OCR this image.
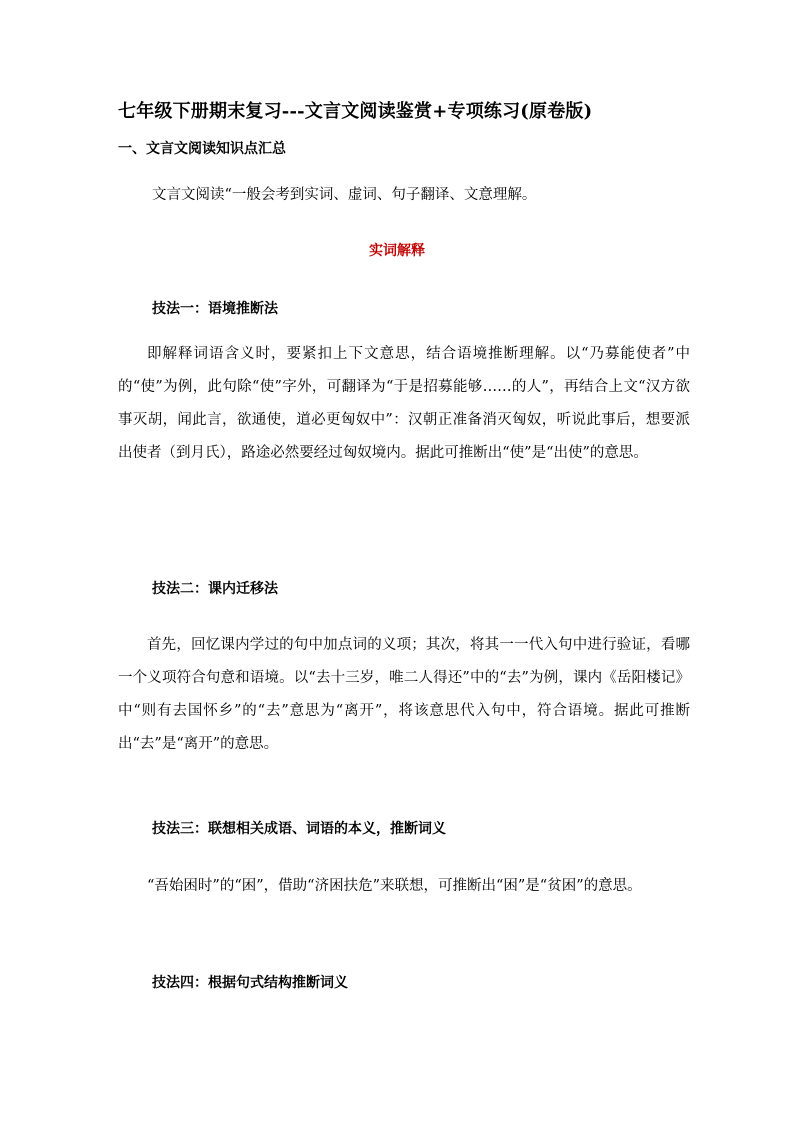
七年级下册期末复习---文言文阅读鉴赏+专项练习(原卷版)
一、文言文阅读知识点汇总
文言文阅读“一般会考到实词、虚词、句子翻译、文意理解。
实词解释
技法一：语境推断法
即解释词语含义时，要紧扣上下文意思，结合语境推断理解。以“乃募能使者”中的“使”为例，此句除“使”字外，可翻译为“于是招募能够……的人”，再结合上文“汉方欲事灭胡，闻此言，欲通使，道必更匈奴中”：汉朝正准备消灭匈奴，听说此事后，想要派出使者（到月氏），路途必然要经过匈奴境内。据此可推断出“使”是“出使”的意思。
技法二：课内迁移法
首先，回忆课内学过的句中加点词的义项；其次，将其一一代入句中进行验证，看哪一个义项符合句意和语境。以“去十三岁，唯二人得还”中的“去”为例，课内《岳阳楼记》中“则有去国怀乡”的“去”意思为“离开”，将该意思代入句中，符合语境。据此可推断出“去”是“离开”的意思。
技法三：联想相关成语、词语的本义，推断词义
“吾始困时”的“困”，借助“济困扶危”来联想，可推断出“困”是“贫困”的意思。
技法四：根据句式结构推断词义
